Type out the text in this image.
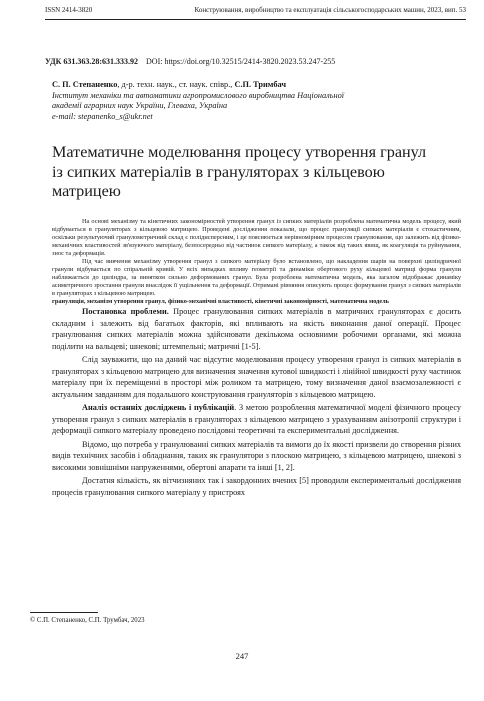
ISSN 2414-3820	Конструювання, виробництво та експлуатація сільськогосподарських машин, 2023, вип. 53
УДК 631.363.28:631.333.92 DOI: https://doi.org/10.32515/2414-3820.2023.53.247-255
С. П. Степаненко, д-р. техн. наук., ст. наук. співр., С.П. Тримбач
Інститут механіки та автоматики агропромислового виробництва Національної
академії аграрних наук України, Глеваха, Україна
e-mail: stepanenko_s@ukr.net
Математичне моделювання процесу утворення гранул із сипких матеріалів в грануляторах з кільцевою матрицею

На основі механізму та кінетичних закономірностей утворення гранул із сипких матеріалів розроблена математична модель процесу, який відбувається в грануляторах з кільцевою матрицею. Проведені дослідження показали, що процес грануляції сипких матеріалів є стохастичним, оскільки результуючий гранулометричний склад є полідисперсним, і це пояснюється нерівномірним процесом гранулювання, що залежить від фізико-механічних властивостей зв'язуючого матеріалу, безпосередньо від частинок сипкого матеріалу, а також від таких явищ, як коагуляція та руйнування, знос та деформація.

Під час вивчення механізму утворення гранул з сипкого матеріалу було встановлено, що накладення шарів на поверхні циліндричної гранули відбувається по спіральній кривій. У всіх випадках впливу геометрії та динаміки обертового руху кільцевої матриці форма гранули наближається до циліндра, за винятком сильно деформованих гранул. Була розроблена математична модель, яка загалом відображає динаміку асиметричного зростання гранули внаслідок її ущільнення та деформації. Отримані рівняння описують процес формування гранул з сипких матеріалів в грануляторах з кільцевою матрицею.

грануляція, механізм утворення гранул, фізико-механічні властивості, кінетичні закономірності, математична модель

Постановка проблеми. Процес гранулювання сипких матеріалів в матричних грануляторах є досить складним і залежить від багатьох факторів, які впливають на якість виконання даної операції. Процес гранулювання сипких матеріалів можна здійснювати декількома основними робочими органами, які можна поділити на вальцеві; шнекові; штемпельні; матричні [1-5].

Слід зауважити, що на даний час відсутнє моделювання процесу утворення гранул із сипких матеріалів в грануляторах з кільцевою матрицею для визначення значення кутової швидкості і лінійної швидкості руху частинок матеріалу при їх переміщенні в просторі між роликом та матрицею, тому визначення даної взаємозалежності є актуальним завданням для подальшого конструювання грануляторів з кільцевою матрицею.

Аналіз останніх досліджень і публікацій. З метою розроблення математичної моделі фізичного процесу утворення гранул з сипких матеріалів в грануляторах з кільцевою матрицею з урахуванням анізотропії структури і деформації сипкого матеріалу проведено послідовні теоретичні та експериментальні дослідження.

Відомо, що потреба у гранулюванні сипких матеріалів та вимоги до їх якості призвели до створення різних видів технічних засобів і обладнання, таких як гранулятори з плоскою матрицею, з кільцевою матрицею, шнекові з високими зовнішніми напруженнями, обертові апарати та інші [1, 2].

Достатня кількість, як вітчизняних так і закордонних вчених [5] проводили експериментальні дослідження процесів гранулювання сипкого матеріалу у пристроях

© С.П. Степаненко, С.П. Трумбач, 2023
247
